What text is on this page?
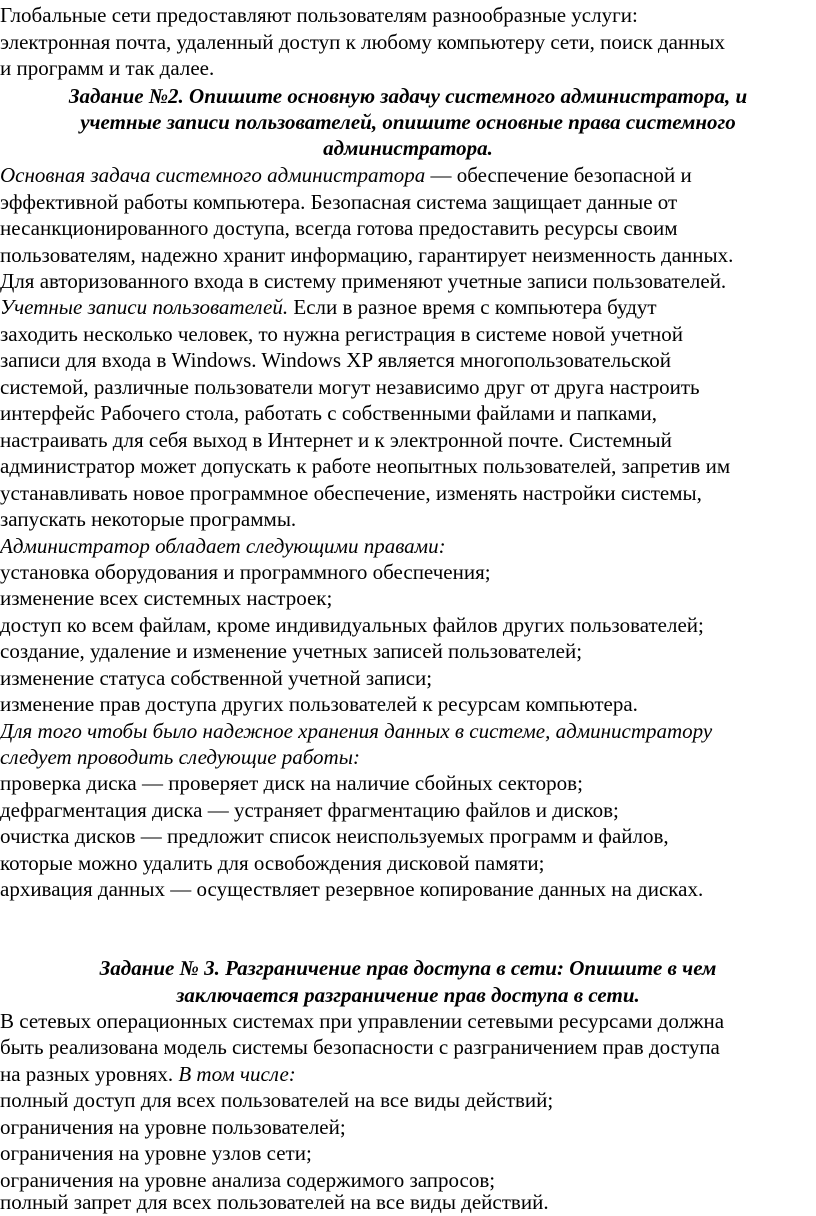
Глобальные сети предоставляют пользователям разнообразные услуги:
электронная почта, удаленный доступ к любому компьютеру сети, поиск данных
и программ и так далее.
Задание №2. Опишите основную задачу системного администратора, и
учетные записи пользователей, опишите основные права системного
администратора.
Основная задача системного администратора — обеспечение безопасной и
эффективной работы компьютера. Безопасная система защищает данные от
несанкционированного доступа, всегда готова предоставить ресурсы своим
пользователям, надежно хранит информацию, гарантирует неизменность данных.
Для авторизованного входа в систему применяют учетные записи пользователей.
Учетные записи пользователей. Если в разное время с компьютера будут
заходить несколько человек, то нужна регистрация в системе новой учетной
записи для входа в Windows. Windows XP является многопользовательской
системой, различные пользователи могут независимо друг от друга настроить
интерфейс Рабочего стола, работать с собственными файлами и папками,
настраивать для себя выход в Интернет и к электронной почте. Системный
администратор может допускать к работе неопытных пользователей, запретив им
устанавливать новое программное обеспечение, изменять настройки системы,
запускать некоторые программы.
Администратор обладает следующими правами:
установка оборудования и программного обеспечения;
изменение всех системных настроек;
доступ ко всем файлам, кроме индивидуальных файлов других пользователей;
создание, удаление и изменение учетных записей пользователей;
изменение статуса собственной учетной записи;
изменение прав доступа других пользователей к ресурсам компьютера.
Для того чтобы было надежное хранения данных в системе, администратору
следует проводить следующие работы:
проверка диска — проверяет диск на наличие сбойных секторов;
дефрагментация диска — устраняет фрагментацию файлов и дисков;
очистка дисков — предложит список неиспользуемых программ и файлов,
которые можно удалить для освобождения дисковой памяти;
архивация данных — осуществляет резервное копирование данных на дисках.
Задание № 3. Разграничение прав доступа в сети: Опишите в чем
заключается разграничение прав доступа в сети.
В сетевых операционных системах при управлении сетевыми ресурсами должна
быть реализована модель системы безопасности с разграничением прав доступа
на разных уровнях. В том числе:
полный доступ для всех пользователей на все виды действий;
ограничения на уровне пользователей;
ограничения на уровне узлов сети;
ограничения на уровне анализа содержимого запросов;
полный запрет для всех пользователей на все виды действий.
